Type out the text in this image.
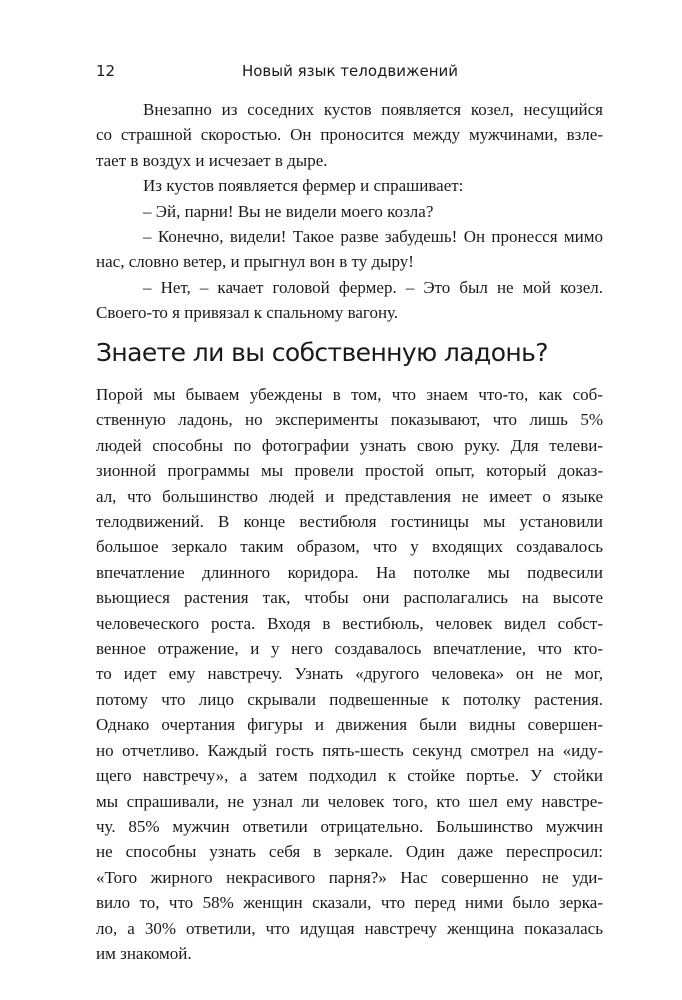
12	Новый язык телодвижений
Внезапно из соседних кустов появляется козел, несущийся
со страшной скоростью. Он проносится между мужчинами, взле-
тает в воздух и исчезает в дыре.
Из кустов появляется фермер и спрашивает:
– Эй, парни! Вы не видели моего козла?
– Конечно, видели! Такое разве забудешь! Он пронесся мимо
нас, словно ветер, и прыгнул вон в ту дыру!
– Нет, – качает головой фермер. – Это был не мой козел.
Своего-то я привязал к спальному вагону.
Знаете ли вы собственную ладонь?
Порой мы бываем убеждены в том, что знаем что-то, как соб-
ственную ладонь, но эксперименты показывают, что лишь 5%
людей способны по фотографии узнать свою руку. Для телеви-
зионной программы мы провели простой опыт, который доказ-
ал, что большинство людей и представления не имеет о языке
телодвижений. В конце вестибюля гостиницы мы установили
большое зеркало таким образом, что у входящих создавалось
впечатление длинного коридора. На потолке мы подвесили
вьющиеся растения так, чтобы они располагались на высоте
человеческого роста. Входя в вестибюль, человек видел собст-
венное отражение, и у него создавалось впечатление, что кто-
то идет ему навстречу. Узнать «другого человека» он не мог,
потому что лицо скрывали подвешенные к потолку растения.
Однако очертания фигуры и движения были видны совершен-
но отчетливо. Каждый гость пять-шесть секунд смотрел на «иду-
щего навстречу», а затем подходил к стойке портье. У стойки
мы спрашивали, не узнал ли человек того, кто шел ему навстре-
чу. 85% мужчин ответили отрицательно. Большинство мужчин
не способны узнать себя в зеркале. Один даже переспросил:
«Того жирного некрасивого парня?» Нас совершенно не уди-
вило то, что 58% женщин сказали, что перед ними было зерка-
ло, а 30% ответили, что идущая навстречу женщина показалась
им знакомой.
